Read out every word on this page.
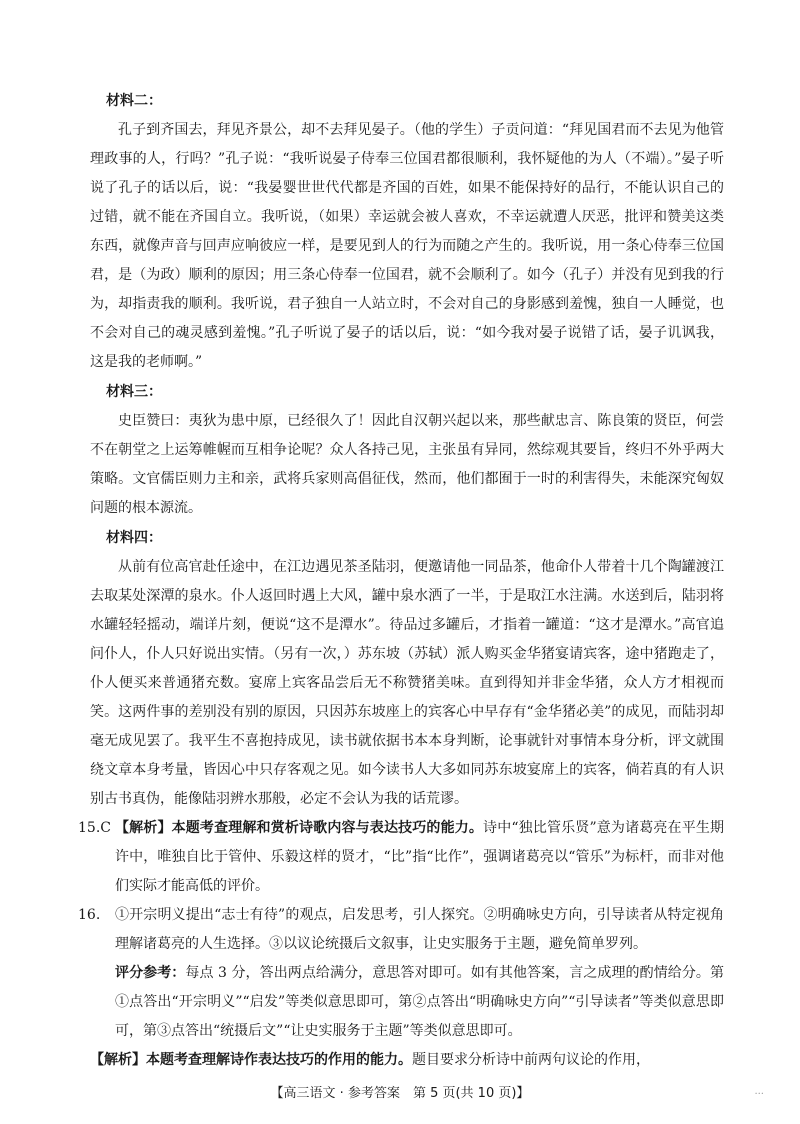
材料二：

孔子到齐国去，拜见齐景公，却不去拜见晏子。（他的学生）子贡问道：“拜见国君而不去见为他管理政事的人，行吗？”孔子说：“我听说晏子侍奉三位国君都很顺利，我怀疑他的为人（不端）。”晏子听说了孔子的话以后，说：“我晏婴世世代代都是齐国的百姓，如果不能保持好的品行，不能认识自己的过错，就不能在齐国自立。我听说，（如果）幸运就会被人喜欢，不幸运就遭人厌恶，批评和赞美这类东西，就像声音与回声应响彼应一样，是要见到人的行为而随之产生的。我听说，用一条心侍奉三位国君，是（为政）顺利的原因；用三条心侍奉一位国君，就不会顺利了。如今（孔子）并没有见到我的行为，却指责我的顺利。我听说，君子独自一人站立时，不会对自己的身影感到羞愧，独自一人睡觉，也不会对自己的魂灵感到羞愧。”孔子听说了晏子的话以后，说：“如今我对晏子说错了话，晏子讥讽我，这是我的老师啊。”

材料三：

史臣赞曰：夷狄为患中原，已经很久了！因此自汉朝兴起以来，那些献忠言、陈良策的贤臣，何尝不在朝堂之上运筹帷幄而互相争论呢？众人各持己见，主张虽有异同，然综观其要旨，终归不外乎两大策略。文官儒臣则力主和亲，武将兵家则高倡征伐，然而，他们都囿于一时的利害得失，未能深究匈奴问题的根本源流。

材料四：

从前有位高官赴任途中，在江边遇见茶圣陆羽，便邀请他一同品茶，他命仆人带着十几个陶罐渡江去取某处深潭的泉水。仆人返回时遇上大风，罐中泉水洒了一半，于是取江水注满。水送到后，陆羽将水罐轻轻摇动，端详片刻，便说“这不是潭水”。待品过多罐后，才指着一罐道：“这才是潭水。”高官追问仆人，仆人只好说出实情。（另有一次，）苏东坡（苏轼）派人购买金华猪宴请宾客，途中猪跑走了，仆人便买来普通猪充数。宴席上宾客品尝后无不称赞猪美味。直到得知并非金华猪，众人方才相视而笑。这两件事的差别没有别的原因，只因苏东坡座上的宾客心中早存有“金华猪必美”的成见，而陆羽却毫无成见罢了。我平生不喜抱持成见，读书就依据书本本身判断，论事就针对事情本身分析，评文就围绕文章本身考量，皆因心中只存客观之见。如今读书人大多如同苏东坡宴席上的宾客，倘若真的有人识别古书真伪，能像陆羽辨水那般，必定不会认为我的话荒谬。

15.C 【解析】本题考查理解和赏析诗歌内容与表达技巧的能力。诗中“独比管乐贤”意为诸葛亮在平生期许中，唯独自比于管仲、乐毅这样的贤才，“比”指“比作”，强调诸葛亮以“管乐”为标杆，而非对他们实际才能高低的评价。
16. ①开宗明义提出“志士有待”的观点，启发思考，引人探究。②明确咏史方向，引导读者从特定视角理解诸葛亮的人生选择。③以议论统摄后文叙事，让史实服务于主题，避免简单罗列。

评分参考：每点 3 分，答出两点给满分，意思答对即可。如有其他答案，言之成理的酌情给分。第①点答出“开宗明义”“启发”等类似意思即可，第②点答出“明确咏史方向”“引导读者”等类似意思即可，第③点答出“统摄后文”“让史实服务于主题”等类似意思即可。

【解析】本题考查理解诗作表达技巧的作用的能力。题目要求分析诗中前两句议论的作用，

【高三语文 · 参考答案　第 5 页(共 10 页)】	...
